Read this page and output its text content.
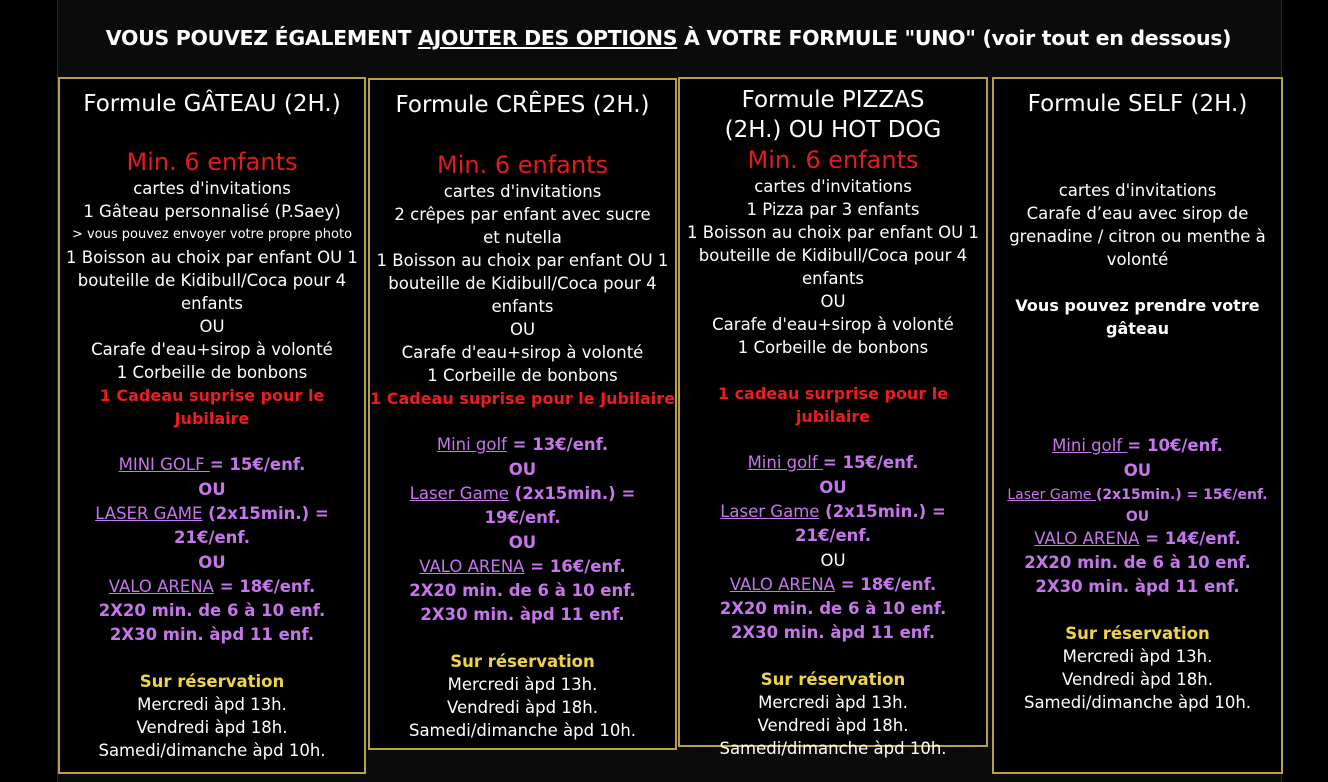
VOUS POUVEZ ÉGALEMENT AJOUTER DES OPTIONS À VOTRE FORMULE "UNO" (voir tout en dessous)
Formule GÂTEAU (2H.)
Min. 6 enfants
cartes d'invitations
1 Gâteau personnalisé (P.Saey)
> vous pouvez envoyer votre propre photo
1 Boisson au choix par enfant OU 1 bouteille de Kidibull/Coca pour 4 enfants
OU
Carafe d'eau+sirop à volonté
1 Corbeille de bonbons
1 Cadeau suprise pour le Jubilaire
MINI GOLF = 15€/enf.
OU
LASER GAME (2x15min.) = 21€/enf.
OU
VALO ARENA = 18€/enf.
2X20 min. de 6 à 10 enf.
2X30 min. àpd 11 enf.
Sur réservation
Mercredi àpd 13h.
Vendredi àpd 18h.
Samedi/dimanche àpd 10h.
Formule CRÊPES (2H.)
Min. 6 enfants
cartes d'invitations
2 crêpes par enfant avec sucre et nutella
1 Boisson au choix par enfant OU 1 bouteille de Kidibull/Coca pour 4 enfants
OU
Carafe d'eau+sirop à volonté
1 Corbeille de bonbons
1 Cadeau suprise pour le Jubilaire
Mini golf = 13€/enf.
OU
Laser Game (2x15min.) = 19€/enf.
OU
VALO ARENA = 16€/enf.
2X20 min. de 6 à 10 enf.
2X30 min. àpd 11 enf.
Sur réservation
Mercredi àpd 13h.
Vendredi àpd 18h.
Samedi/dimanche àpd 10h.
Formule PIZZAS (2H.) OU HOT DOG
Min. 6 enfants
cartes d'invitations
1 Pizza par 3 enfants
1 Boisson au choix par enfant OU 1 bouteille de Kidibull/Coca pour 4 enfants
OU
Carafe d'eau+sirop à volonté
1 Corbeille de bonbons
1 cadeau surprise pour le jubilaire
Mini golf = 15€/enf.
OU
Laser Game (2x15min.) = 21€/enf.
OU
VALO ARENA = 18€/enf.
2X20 min. de 6 à 10 enf.
2X30 min. àpd 11 enf.
Sur réservation
Mercredi àpd 13h.
Vendredi àpd 18h.
Samedi/dimanche àpd 10h.
Formule SELF (2H.)
cartes d'invitations
Carafe d’eau avec sirop de grenadine / citron ou menthe à volonté
Vous pouvez prendre votre gâteau
Mini golf = 10€/enf.
OU
Laser Game (2x15min.) = 15€/enf.
OU
VALO ARENA = 14€/enf.
2X20 min. de 6 à 10 enf.
2X30 min. àpd 11 enf.
Sur réservation
Mercredi àpd 13h.
Vendredi àpd 18h.
Samedi/dimanche àpd 10h.
